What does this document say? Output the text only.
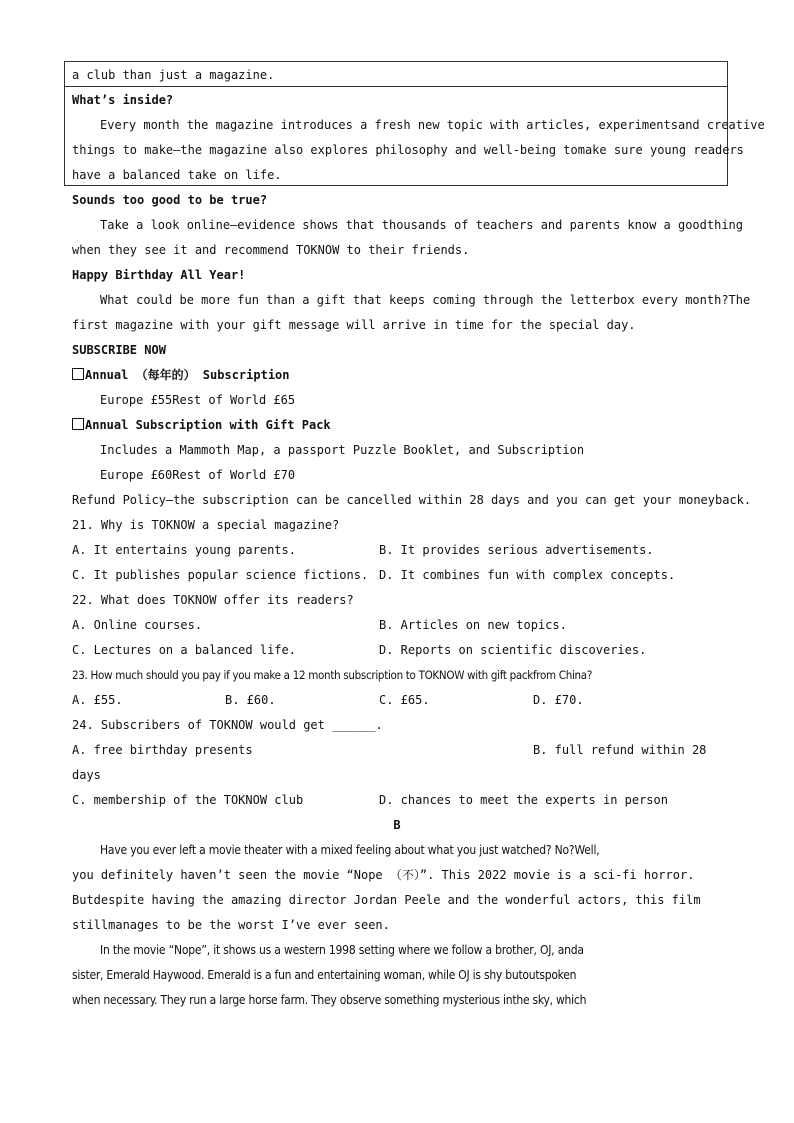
a club than just a magazine.
What’s inside?
Every month the magazine introduces a fresh new topic with articles, experimentsand creative
things to make—the magazine also explores philosophy and well-being tomake sure young readers
have a balanced take on life.
Sounds too good to be true?
Take a look online—evidence shows that thousands of teachers and parents know a goodthing
when they see it and recommend TOKNOW to their friends.
Happy Birthday All Year!
What could be more fun than a gift that keeps coming through the letterbox every month?The
first magazine with your gift message will arrive in time for the special day.
SUBSCRIBE NOW
Annual （每年的） Subscription
Europe £55Rest of World £65
Annual Subscription with Gift Pack
Includes a Mammoth Map, a passport Puzzle Booklet, and Subscription
Europe £60Rest of World £70
Refund Policy—the subscription can be cancelled within 28 days and you can get your moneyback.
21. Why is TOKNOW a special magazine?
A. It entertains young parents.	B. It provides serious advertisements.
C. It publishes popular science fictions. D. It combines fun with complex concepts.
22. What does TOKNOW offer its readers?
A. Online courses.	B. Articles on new topics.
C. Lectures on a balanced life.	D. Reports on scientific discoveries.
23. How much should you pay if you make a 12 month subscription to TOKNOW with gift packfrom China?
A. £55.	B. £60.	C. £65.	D. £70.
24. Subscribers of TOKNOW would get ______.
A. free birthday presents	B. full refund within 28
days
C. membership of the TOKNOW club	D. chances to meet the experts in person
B
Have you ever left a movie theater with a mixed feeling about what you just watched? No?Well,
you definitely haven’t seen the movie “Nope （不）”. This 2022 movie is a sci-fi horror.
Butdespite having the amazing director Jordan Peele and the wonderful actors, this film
stillmanages to be the worst I’ve ever seen.
In the movie “Nope”, it shows us a western 1998 setting where we follow a brother, OJ, anda
sister, Emerald Haywood. Emerald is a fun and entertaining woman, while OJ is shy butoutspoken
when necessary. They run a large horse farm. They observe something mysterious inthe sky, which
